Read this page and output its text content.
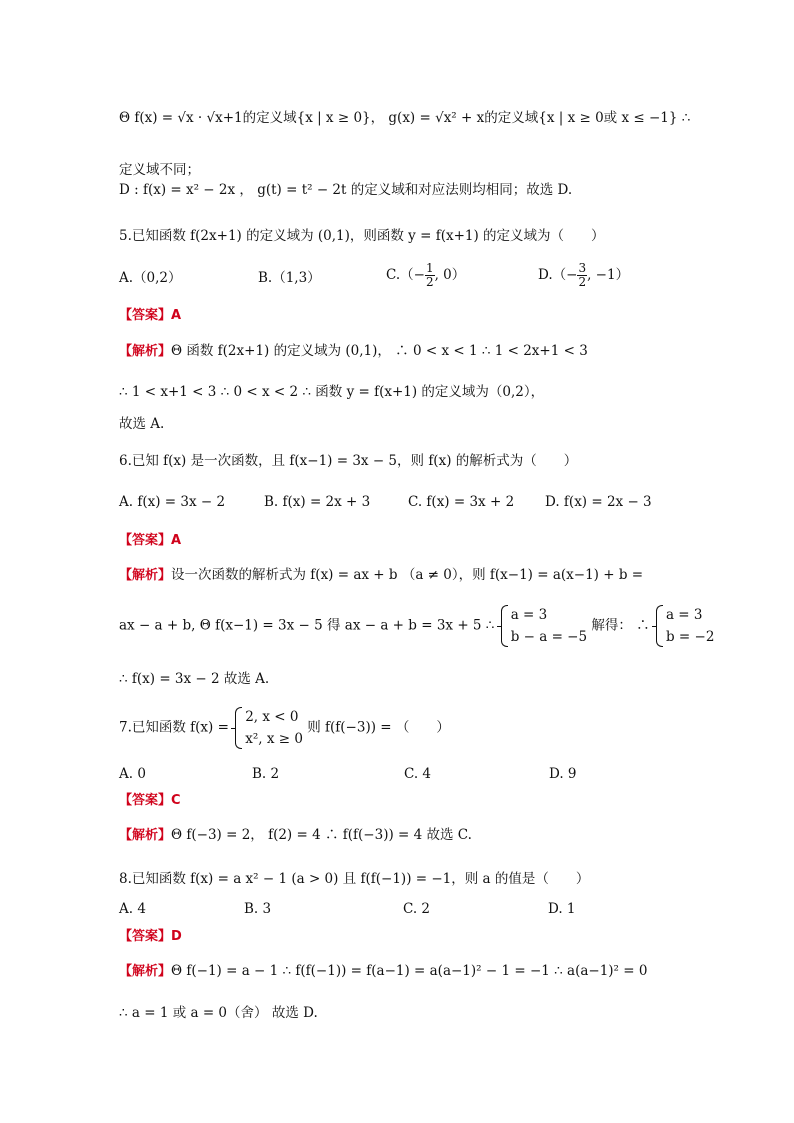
Θ f(x) = √x · √x+1的定义域{x | x ≥ 0}， g(x) = √x² + x的定义域{x | x ≥ 0或 x ≤ −1} ∴
定义域不同；
D : f(x) = x² − 2x ， g(t) = t² − 2t 的定义域和对应法则均相同；故选 D.
5.已知函数 f(2x+1) 的定义域为 (0,1)，则函数 y = f(x+1) 的定义域为（　　）
A.（0,2）	B.（1,3）	$C.(- \frac{1}{2}$ , 0）	$D.(- \frac{3}{2}$ , −1）
【答案】A
【解析】Θ 函数 f(2x+1) 的定义域为 (0,1)， ∴ 0 < x < 1 ∴ 1 < 2x+1 < 3
∴ 1 < x+1 < 3 ∴ 0 < x < 2 ∴ 函数 y = f(x+1) 的定义域为（0,2），
故选 A.
6.已知 f(x) 是一次函数，且 f(x−1) = 3x − 5，则 f(x) 的解析式为（　　）
A. f(x) = 3x − 2	B. f(x) = 2x + 3	C. f(x) = 3x + 2 D. f(x) = 2x − 3
【答案】A
【解析】设一次函数的解析式为 f(x) = ax + b （a ≠ 0），则 f(x−1) = a(x−1) + b =
ax − a + b, Θ f(x−1) = 3x − 5 得 ax − a + b = 3x + 5 ∴
a = 3
b − a = −5
解得： ∴
a = 3
b = −2
∴ f(x) = 3x − 2 故选 A.
7.已知函数 f(x) =
2, x < 0
x², x ≥ 0
则 f(f(−3)) = （　　）
A. 0	B. 2	C. 4	D. 9
【答案】C
【解析】Θ f(−3) = 2， f(2) = 4 ∴ f(f(−3)) = 4 故选 C.
8.已知函数 f(x) = a x² − 1 (a > 0) 且 f(f(−1)) = −1，则 a 的值是（　　）
A. 4	B. 3	C. 2	D. 1
【答案】D
【解析】Θ f(−1) = a − 1 ∴ f(f(−1)) = f(a−1) = a(a−1)² − 1 = −1 ∴ a(a−1)² = 0
∴ a = 1 或 a = 0（舍） 故选 D.
